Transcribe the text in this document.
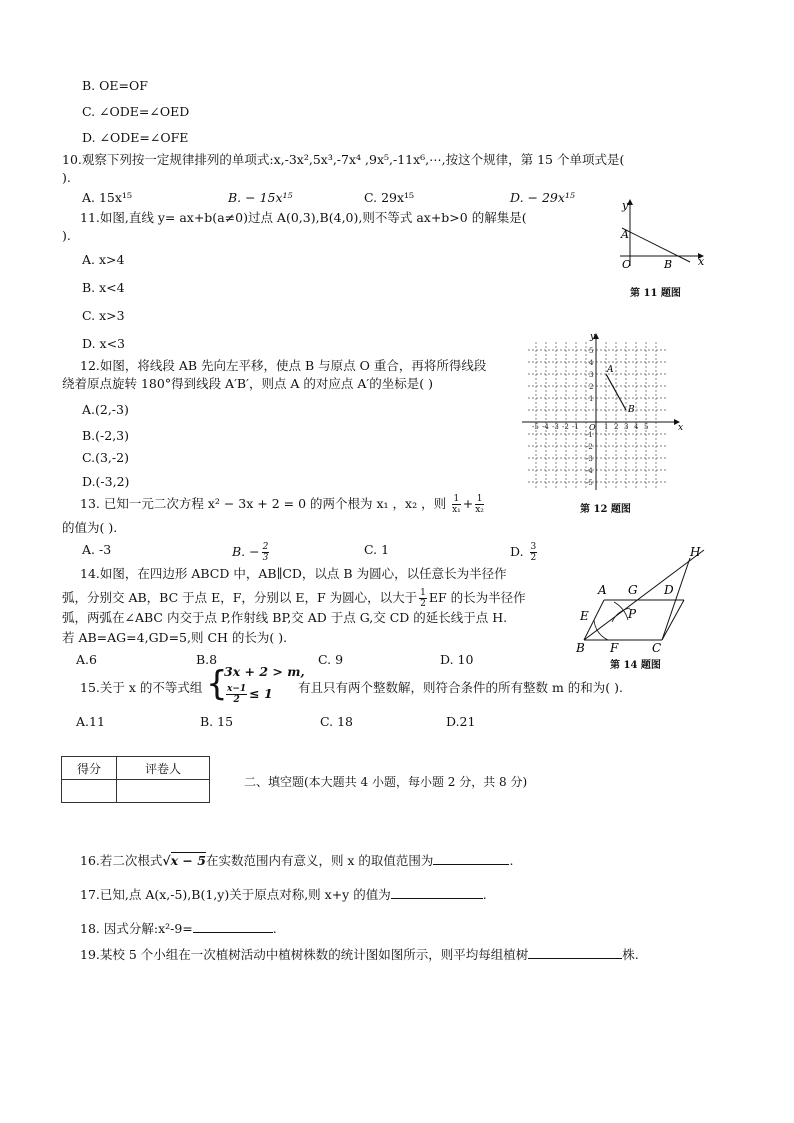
B. OE=OF
C. ∠ODE=∠OED
D. ∠ODE=∠OFE
10.观察下列按一定规律排列的单项式:x,-3x²,5x³,-7x⁴ ,9x⁵,-11x⁶,⋯,按这个规律，第 15 个单项式是(
).
A. 15x¹⁵	B. − 15x¹⁵	C. 29x¹⁵	D. − 29x¹⁵
11.如图,直线 y= ax+b(a≠0)过点 A(0,3),B(4,0),则不等式 ax+b>0 的解集是(
).
A. x>4
B. x<4
C. x>3
D. x<3
y
x
A
O	B
第 11 题图
12.如图，将线段 AB 先向左平移，使点 B 与原点 O 重合，再将所得线段
绕着原点旋转 180°得到线段 A′B′，则点 A 的对应点 A′的坐标是( )
A.(2,-3)
B.(-2,3)
C.(3,-2)
D.(-3,2)
-5 -4 -3 -2 -1	1 2 3 4 5
5
4
3
2
1
-1
-2
-3
-4
-5
y
x
A
B
O
第 12 题图
13. 已知一元二次方程 x² − 3x + 2 = 0 的两个根为 x₁ ，x₂ ，则 $\frac{1}{\text{x₁}} + \frac{1}{\text{x₂}}$
的值为( ).
A. -3	B. − $\frac{2}{3}$	C. 1	D. $\frac{3}{2}$
14.如图，在四边形 ABCD 中，AB∥CD，以点 B 为圆心，以任意长为半径作
弧，分别交 AB，BC 于点 E，F，分别以 E，F 为圆心，以大于 $\frac{1}{2}$ EF 的长为半径作
弧，两弧在∠ABC 内交于点 P,作射线 BP,交 AD 于点 G,交 CD 的延长线于点 H.
若 AB=AG=4,GD=5,则 CH 的长为( ).
A.6	B.8	C. 9	D. 10
H
A G D
E	P
B F	C
第 14 题图
15.关于 x 的不等式组 {
3x + 2 > m,
$\frac{x-1}{2} \le 1$ 有且只有两个整数解，则符合条件的所有整数 m 的和为( ).
A.11	B. 15	C. 18	D.21
得分	评卷人

二、填空题(本大题共 4 小题，每小题 2 分，共 8 分)
16.若二次根式√x − 5在实数范围内有意义，则 x 的取值范围为	.
17.已知,点 A(x,-5),B(1,y)关于原点对称,则 x+y 的值为	.
18. 因式分解:x²-9=	.
19.某校 5 个小组在一次植树活动中植树株数的统计图如图所示，则平均每组植树	株.
